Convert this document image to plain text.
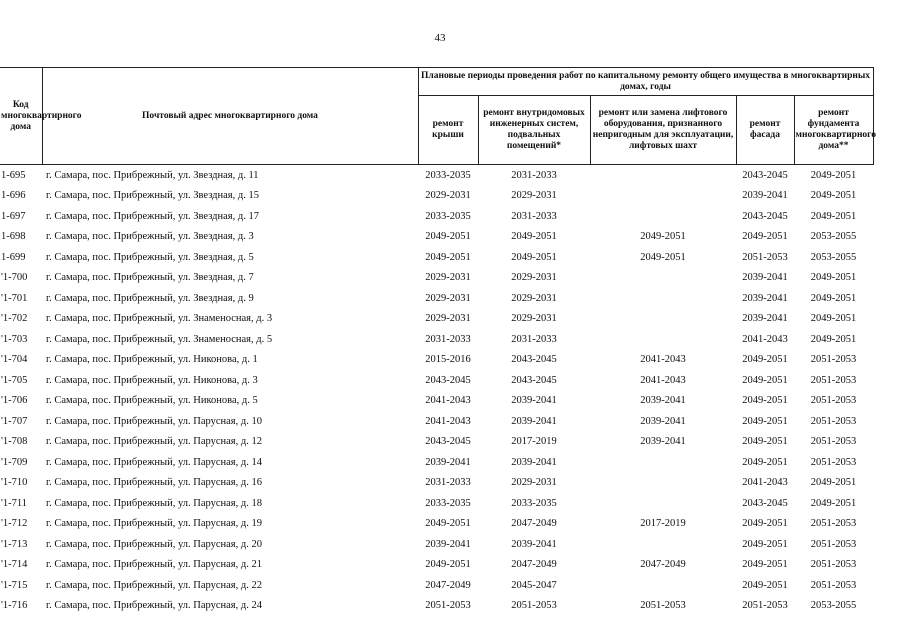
43
Код многоквартирного дома	Почтовый адрес многоквартирного дома	Плановые периоды проведения работ по капитальному ремонту общего имущества в многоквартирных домах, годы				
		ремонт крыши	ремонт внутридомовых инженерных систем, подвальных помещений*	ремонт или замена лифтового оборудования, признанного непригодным для эксплуатации, лифтовых шахт	ремонт фасада	ремонт фундамента многоквартирного дома**
1-695	г. Самара, пос. Прибрежный, ул. Звездная, д. 11	2033-2035	2031-2033		2043-2045	2049-2051
1-696	г. Самара, пос. Прибрежный, ул. Звездная, д. 15	2029-2031	2029-2031		2039-2041	2049-2051
1-697	г. Самара, пос. Прибрежный, ул. Звездная, д. 17	2033-2035	2031-2033		2043-2045	2049-2051
1-698	г. Самара, пос. Прибрежный, ул. Звездная, д. 3	2049-2051	2049-2051	2049-2051	2049-2051	2053-2055
1-699	г. Самара, пос. Прибрежный, ул. Звездная, д. 5	2049-2051	2049-2051	2049-2051	2051-2053	2053-2055
'1-700	г. Самара, пос. Прибрежный, ул. Звездная, д. 7	2029-2031	2029-2031		2039-2041	2049-2051
'1-701	г. Самара, пос. Прибрежный, ул. Звездная, д. 9	2029-2031	2029-2031		2039-2041	2049-2051
'1-702	г. Самара, пос. Прибрежный, ул. Знаменосная, д. 3	2029-2031	2029-2031		2039-2041	2049-2051
'1-703	г. Самара, пос. Прибрежный, ул. Знаменосная, д. 5	2031-2033	2031-2033		2041-2043	2049-2051
'1-704	г. Самара, пос. Прибрежный, ул. Никонова, д. 1	2015-2016	2043-2045	2041-2043	2049-2051	2051-2053
'1-705	г. Самара, пос. Прибрежный, ул. Никонова, д. 3	2043-2045	2043-2045	2041-2043	2049-2051	2051-2053
'1-706	г. Самара, пос. Прибрежный, ул. Никонова, д. 5	2041-2043	2039-2041	2039-2041	2049-2051	2051-2053
'1-707	г. Самара, пос. Прибрежный, ул. Парусная, д. 10	2041-2043	2039-2041	2039-2041	2049-2051	2051-2053
'1-708	г. Самара, пос. Прибрежный, ул. Парусная, д. 12	2043-2045	2017-2019	2039-2041	2049-2051	2051-2053
'1-709	г. Самара, пос. Прибрежный, ул. Парусная, д. 14	2039-2041	2039-2041		2049-2051	2051-2053
'1-710	г. Самара, пос. Прибрежный, ул. Парусная, д. 16	2031-2033	2029-2031		2041-2043	2049-2051
'1-711	г. Самара, пос. Прибрежный, ул. Парусная, д. 18	2033-2035	2033-2035		2043-2045	2049-2051
'1-712	г. Самара, пос. Прибрежный, ул. Парусная, д. 19	2049-2051	2047-2049	2017-2019	2049-2051	2051-2053
'1-713	г. Самара, пос. Прибрежный, ул. Парусная, д. 20	2039-2041	2039-2041		2049-2051	2051-2053
'1-714	г. Самара, пос. Прибрежный, ул. Парусная, д. 21	2049-2051	2047-2049	2047-2049	2049-2051	2051-2053
'1-715	г. Самара, пос. Прибрежный, ул. Парусная, д. 22	2047-2049	2045-2047		2049-2051	2051-2053
'1-716	г. Самара, пос. Прибрежный, ул. Парусная, д. 24	2051-2053	2051-2053	2051-2053	2051-2053	2053-2055
